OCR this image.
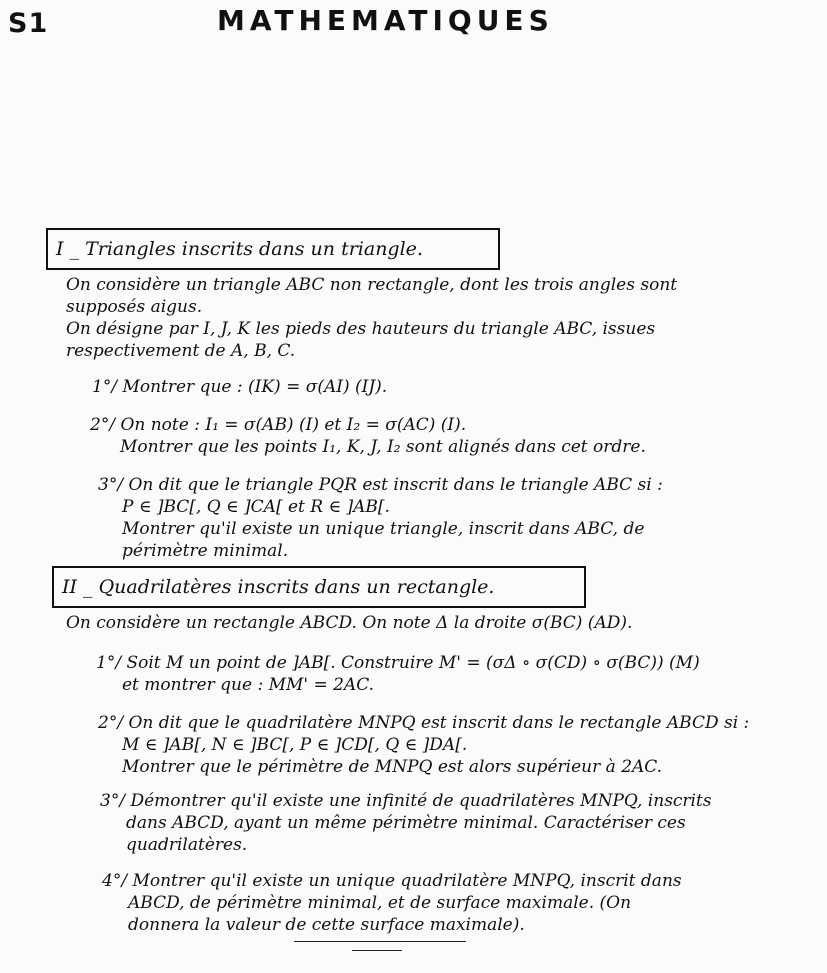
S1	MATHEMATIQUES
I _ Triangles inscrits dans un triangle.
On considère un triangle ABC non rectangle, dont les trois angles sont
supposés aigus.
On désigne par I, J, K les pieds des hauteurs du triangle ABC, issues
respectivement de A, B, C.
1°/ Montrer que : (IK) = σ(AI) (IJ).
2°/ On note : I₁ = σ(AB) (I) et I₂ = σ(AC) (I).
Montrer que les points I₁, K, J, I₂ sont alignés dans cet ordre.
3°/ On dit que le triangle PQR est inscrit dans le triangle ABC si :
P ∈ ]BC[, Q ∈ ]CA[ et R ∈ ]AB[.
Montrer qu'il existe un unique triangle, inscrit dans ABC, de
périmètre minimal.
II _ Quadrilatères inscrits dans un rectangle.
On considère un rectangle ABCD. On note Δ la droite σ(BC) (AD).
1°/ Soit M un point de ]AB[. Construire M' = (σΔ ∘ σ(CD) ∘ σ(BC)) (M)
et montrer que : MM' = 2AC.
2°/ On dit que le quadrilatère MNPQ est inscrit dans le rectangle ABCD si :
M ∈ ]AB[, N ∈ ]BC[, P ∈ ]CD[, Q ∈ ]DA[.
Montrer que le périmètre de MNPQ est alors supérieur à 2AC.
3°/ Démontrer qu'il existe une infinité de quadrilatères MNPQ, inscrits
dans ABCD, ayant un même périmètre minimal. Caractériser ces
quadrilatères.
4°/ Montrer qu'il existe un unique quadrilatère MNPQ, inscrit dans
ABCD, de périmètre minimal, et de surface maximale. (On
donnera la valeur de cette surface maximale).
